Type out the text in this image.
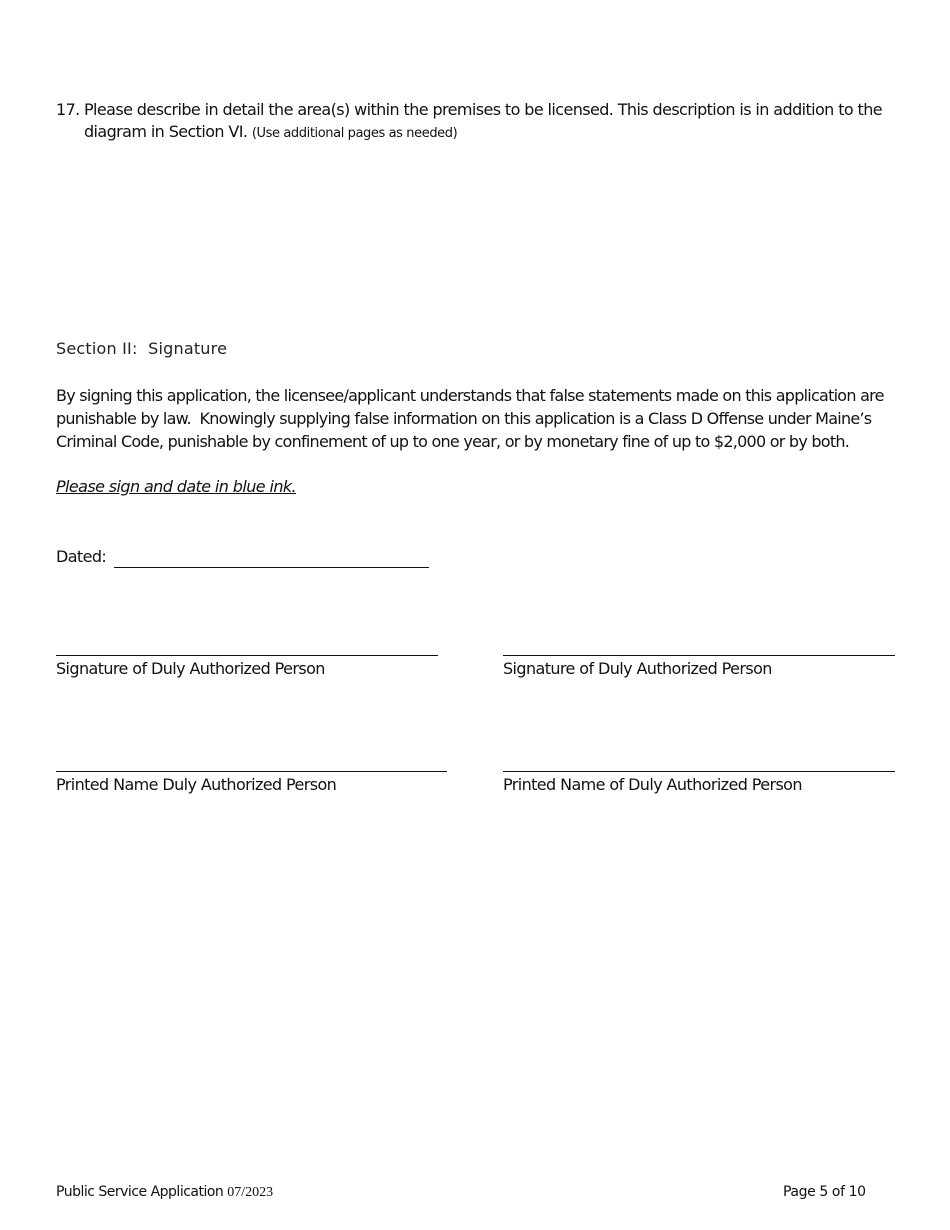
17. Please describe in detail the area(s) within the premises to be licensed. This description is in addition to the diagram in Section VI. (Use additional pages as needed)
Section II:  Signature
By signing this application, the licensee/applicant understands that false statements made on this application are punishable by law.  Knowingly supplying false information on this application is a Class D Offense under Maine’s Criminal Code, punishable by confinement of up to one year, or by monetary fine of up to $2,000 or by both.
Please sign and date in blue ink.
Dated:
Signature of Duly Authorized Person	Signature of Duly Authorized Person
Printed Name Duly Authorized Person	Printed Name of Duly Authorized Person
Public Service Application 07/2023	Page 5 of 10
